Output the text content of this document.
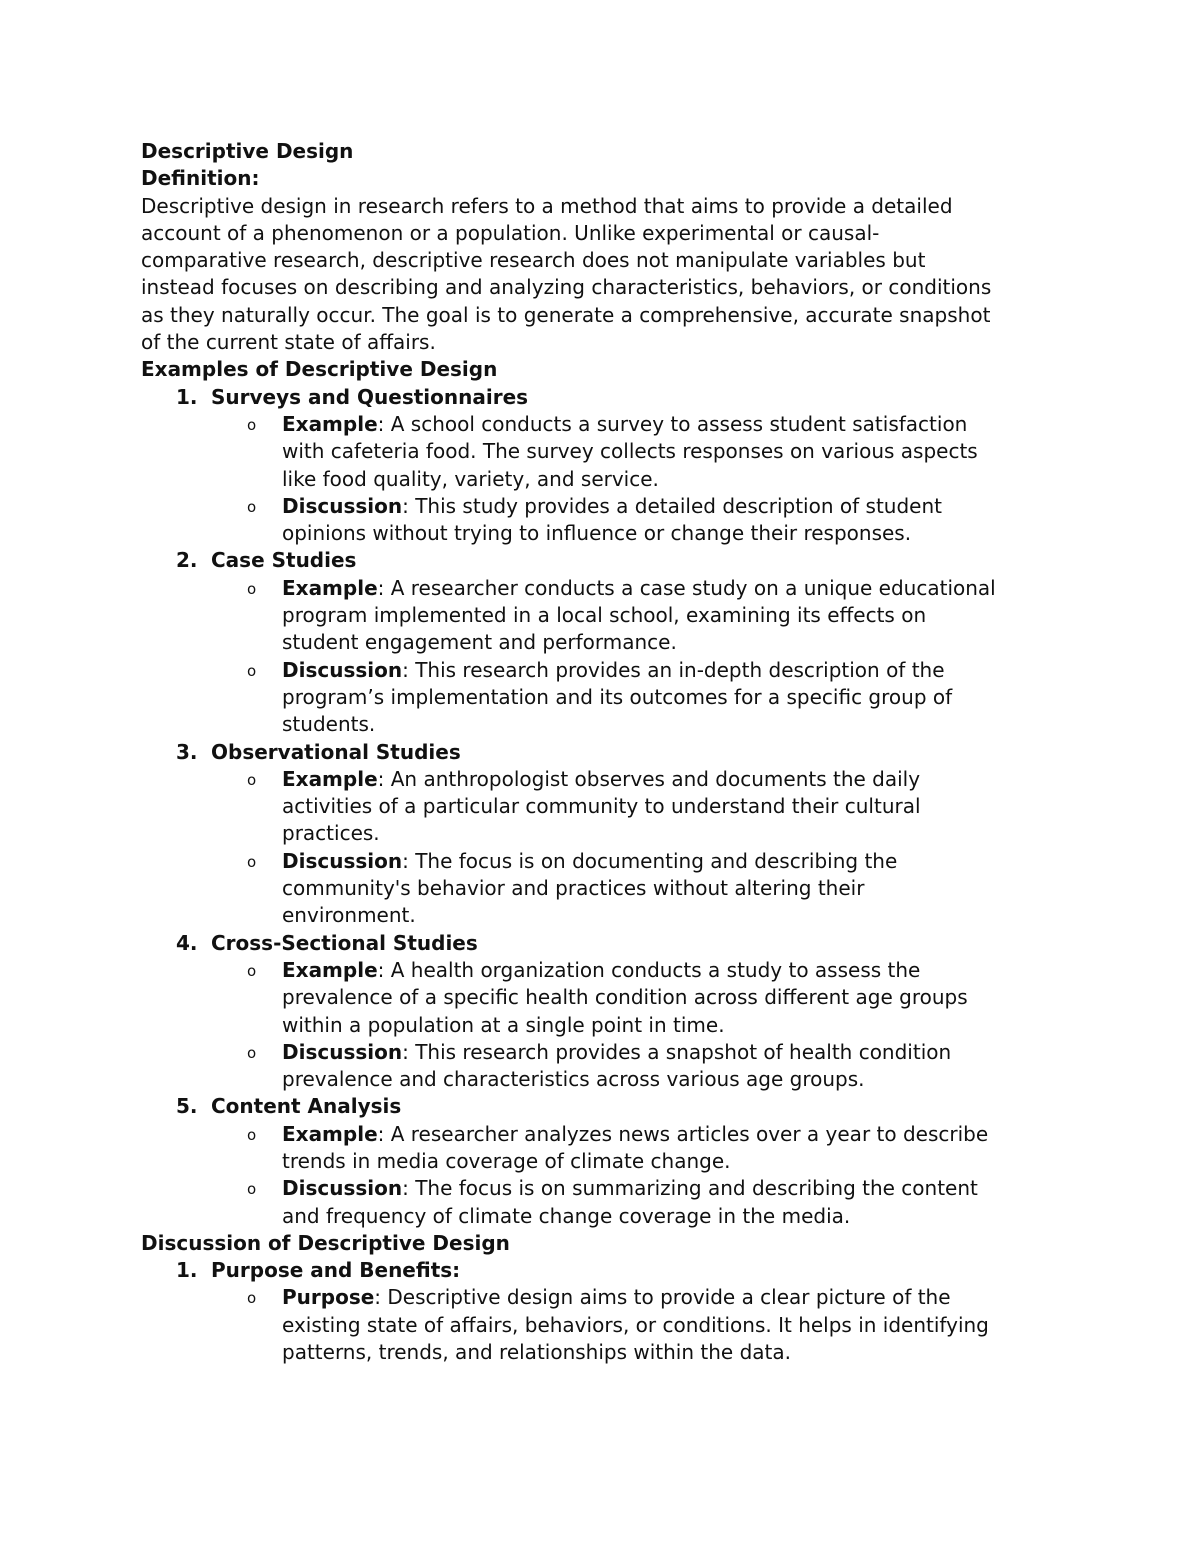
Descriptive Design
Definition:
Descriptive design in research refers to a method that aims to provide a detailed
account of a phenomenon or a population. Unlike experimental or causal-
comparative research, descriptive research does not manipulate variables but
instead focuses on describing and analyzing characteristics, behaviors, or conditions
as they naturally occur. The goal is to generate a comprehensive, accurate snapshot
of the current state of affairs.
Examples of Descriptive Design
1. Surveys and Questionnaires
o Example: A school conducts a survey to assess student satisfaction
with cafeteria food. The survey collects responses on various aspects
like food quality, variety, and service.
o Discussion: This study provides a detailed description of student
opinions without trying to influence or change their responses.
2. Case Studies
o Example: A researcher conducts a case study on a unique educational
program implemented in a local school, examining its effects on
student engagement and performance.
o Discussion: This research provides an in-depth description of the
program’s implementation and its outcomes for a specific group of
students.
3. Observational Studies
o Example: An anthropologist observes and documents the daily
activities of a particular community to understand their cultural
practices.
o Discussion: The focus is on documenting and describing the
community's behavior and practices without altering their
environment.
4. Cross-Sectional Studies
o Example: A health organization conducts a study to assess the
prevalence of a specific health condition across different age groups
within a population at a single point in time.
o Discussion: This research provides a snapshot of health condition
prevalence and characteristics across various age groups.
5. Content Analysis
o Example: A researcher analyzes news articles over a year to describe
trends in media coverage of climate change.
o Discussion: The focus is on summarizing and describing the content
and frequency of climate change coverage in the media.
Discussion of Descriptive Design
1. Purpose and Benefits:
o Purpose: Descriptive design aims to provide a clear picture of the
existing state of affairs, behaviors, or conditions. It helps in identifying
patterns, trends, and relationships within the data.
